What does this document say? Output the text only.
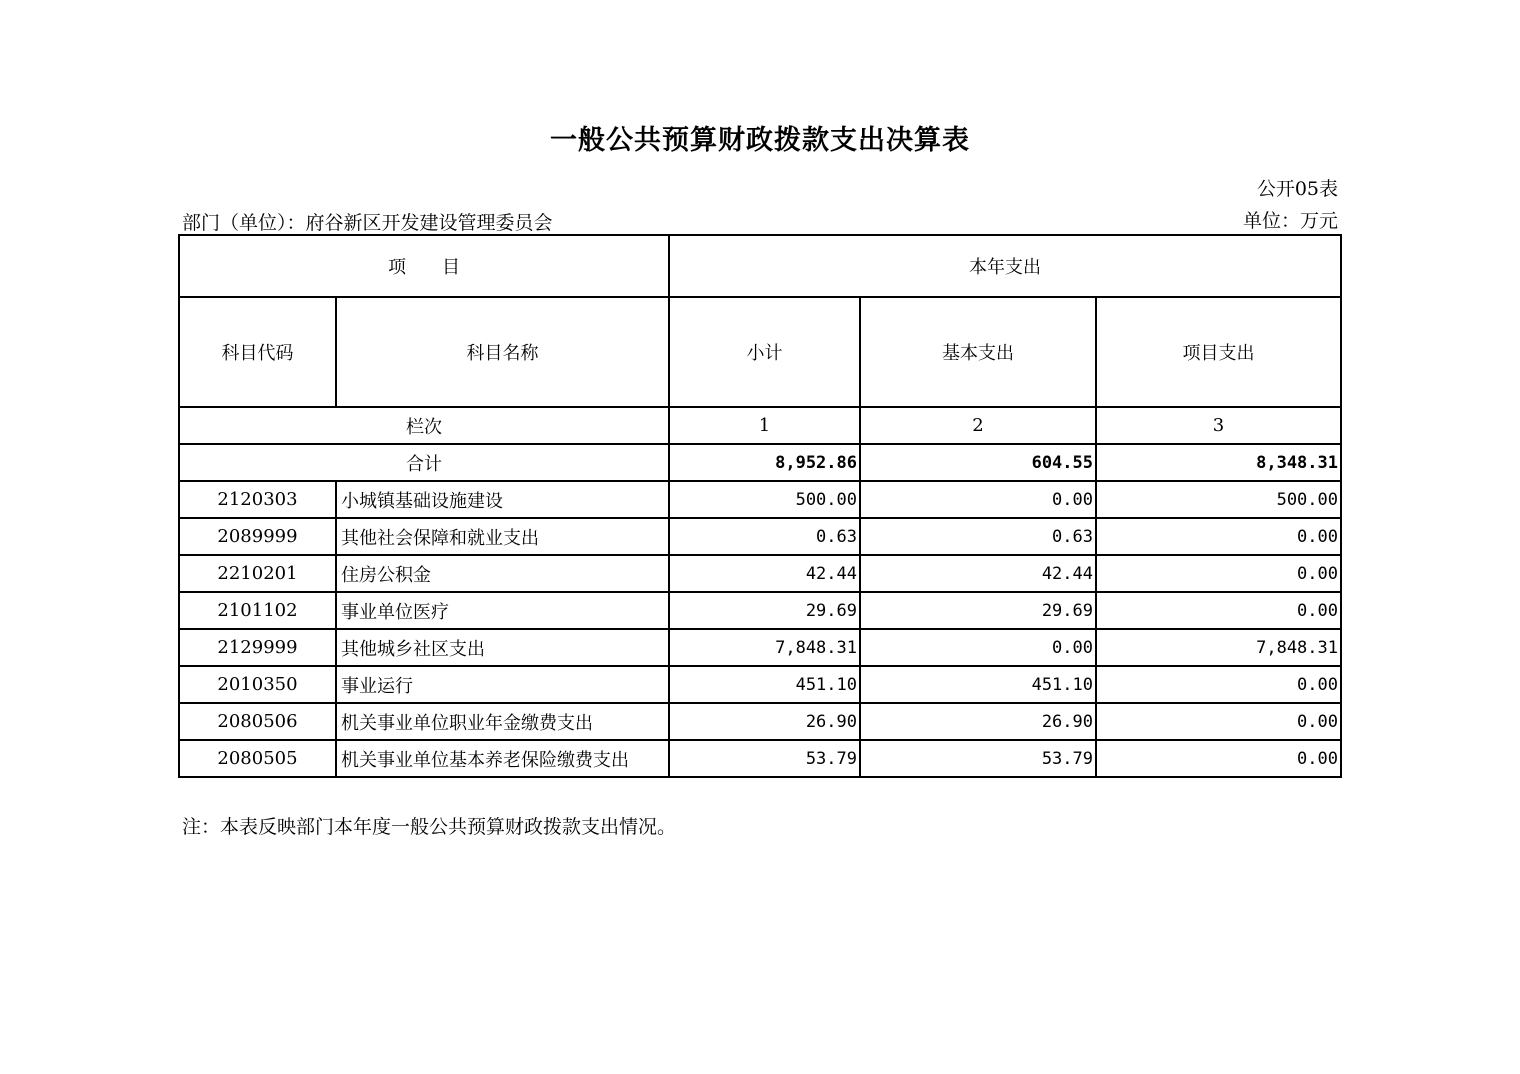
一般公共预算财政拨款支出决算表
公开05表
部门（单位）：府谷新区开发建设管理委员会	单位：万元
项　　目		本年支出		
科目代码	科目名称	小计	基本支出	项目支出
栏次		1	2	3
合计		8,952.86	604.55	8,348.31
2120303	小城镇基础设施建设	500.00	0.00	500.00
2089999	其他社会保障和就业支出	0.63	0.63	0.00
2210201	住房公积金	42.44	42.44	0.00
2101102	事业单位医疗	29.69	29.69	0.00
2129999	其他城乡社区支出	7,848.31	0.00	7,848.31
2010350	事业运行	451.10	451.10	0.00
2080506	机关事业单位职业年金缴费支出	26.90	26.90	0.00
2080505	机关事业单位基本养老保险缴费支出	53.79	53.79	0.00
注：本表反映部门本年度一般公共预算财政拨款支出情况。
